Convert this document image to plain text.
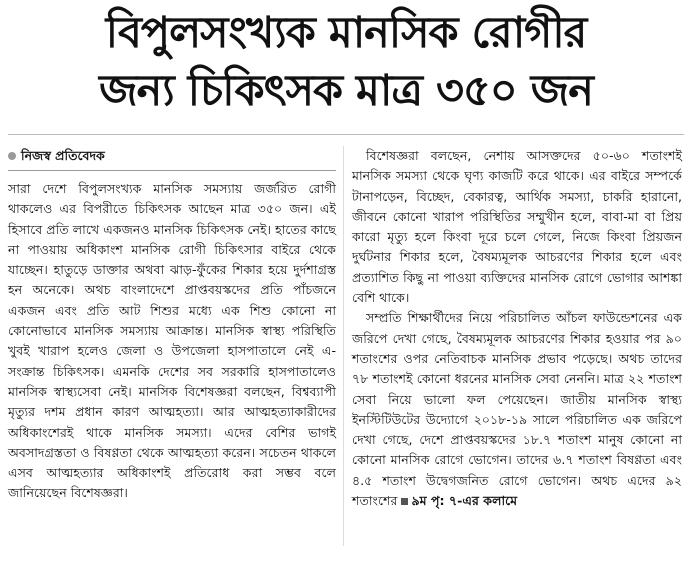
বিপুলসংখ্যক মানসিক রোগীর
জন্য চিকিৎসক মাত্র ৩৫০ জন
নিজস্ব প্রতিবেদক

সারা দেশে বিপুলসংখ্যক মানসিক সমস্যায় জর্জরিত রোগী থাকলেও এর বিপরীতে চিকিৎসক আছেন মাত্র ৩৫০ জন। এই হিসাবে প্রতি লাখে একজনও মানসিক চিকিৎসক নেই। হাতের কাছে না পাওয়ায় অধিকাংশ মানসিক রোগী চিকিৎসার বাইরে থেকে যাচ্ছেন। হাতুড়ে ডাক্তার অথবা ঝাড়-ফুঁকের শিকার হয়ে দুর্দশাগ্রস্ত হন অনেকে। অথচ বাংলাদেশে প্রাপ্তবয়স্কদের প্রতি পাঁচজনে একজন এবং প্রতি আট শিশুর মধ্যে এক শিশু কোনো না কোনোভাবে মানসিক সমস্যায় আক্রান্ত। মানসিক স্বাস্থ্য পরিস্থিতি খুবই খারাপ হলেও জেলা ও উপজেলা হাসপাতালে নেই এ-সংক্রান্ত চিকিৎসক। এমনকি দেশের সব সরকারি হাসপাতালেও মানসিক স্বাস্থ্যসেবা নেই। মানসিক বিশেষজ্ঞরা বলছেন, বিশ্বব্যাপী মৃত্যুর দশম প্রধান কারণ আত্মহত্যা। আর আত্মহত্যাকারীদের অধিকাংশেরই থাকে মানসিক সমস্যা। এদের বেশির ভাগই অবসাদগ্রস্ততা ও বিষণ্ণতা থেকে আত্মহত্যা করেন। সচেতন থাকলে এসব আত্মহত্যার অধিকাংশই প্রতিরোধ করা সম্ভব বলে জানিয়েছেন বিশেষজ্ঞরা।

বিশেষজ্ঞরা বলছেন, নেশায় আসক্তদের ৫০-৬০ শতাংশই মানসিক সমস্যা থেকে ঘৃণ্য কাজটি করে থাকে। এর বাইরে সম্পর্কে টানাপড়েন, বিচ্ছেদ, বেকারত্ব, আর্থিক সমস্যা, চাকরি হারানো, জীবনে কোনো খারাপ পরিস্থিতির সম্মুখীন হলে, বাবা-মা বা প্রিয় কারো মৃত্যু হলে কিংবা দূরে চলে গেলে, নিজে কিংবা প্রিয়জন দুর্ঘটনার শিকার হলে, বৈষম্যমূলক আচরণের শিকার হলে এবং প্রত্যাশিত কিছু না পাওয়া ব্যক্তিদের মানসিক রোগে ভোগার আশঙ্কা বেশি থাকে।

সম্প্রতি শিক্ষার্থীদের নিয়ে পরিচালিত আঁচল ফাউন্ডেশনের এক জরিপে দেখা গেছে, বৈষম্যমূলক আচরণের শিকার হওয়ার পর ৯০ শতাংশের ওপর নেতিবাচক মানসিক প্রভাব পড়েছে। অথচ তাদের ৭৮ শতাংশই কোনো ধরনের মানসিক সেবা নেননি। মাত্র ২২ শতাংশ সেবা নিয়ে ভালো ফল পেয়েছেন। জাতীয় মানসিক স্বাস্থ্য ইনস্টিটিউটের উদ্যোগে ২০১৮-১৯ সালে পরিচালিত এক জরিপে দেখা গেছে, দেশে প্রাপ্তবয়স্কদের ১৮.৭ শতাংশ মানুষ কোনো না কোনো মানসিক রোগে ভোগেন। তাদের ৬.৭ শতাংশ বিষণ্ণতা এবং ৪.৫ শতাংশ উদ্বেগজনিত রোগে ভোগেন। অথচ এদের ৯২ শতাংশের ৯ম পৃ: ৭-এর কলামে
